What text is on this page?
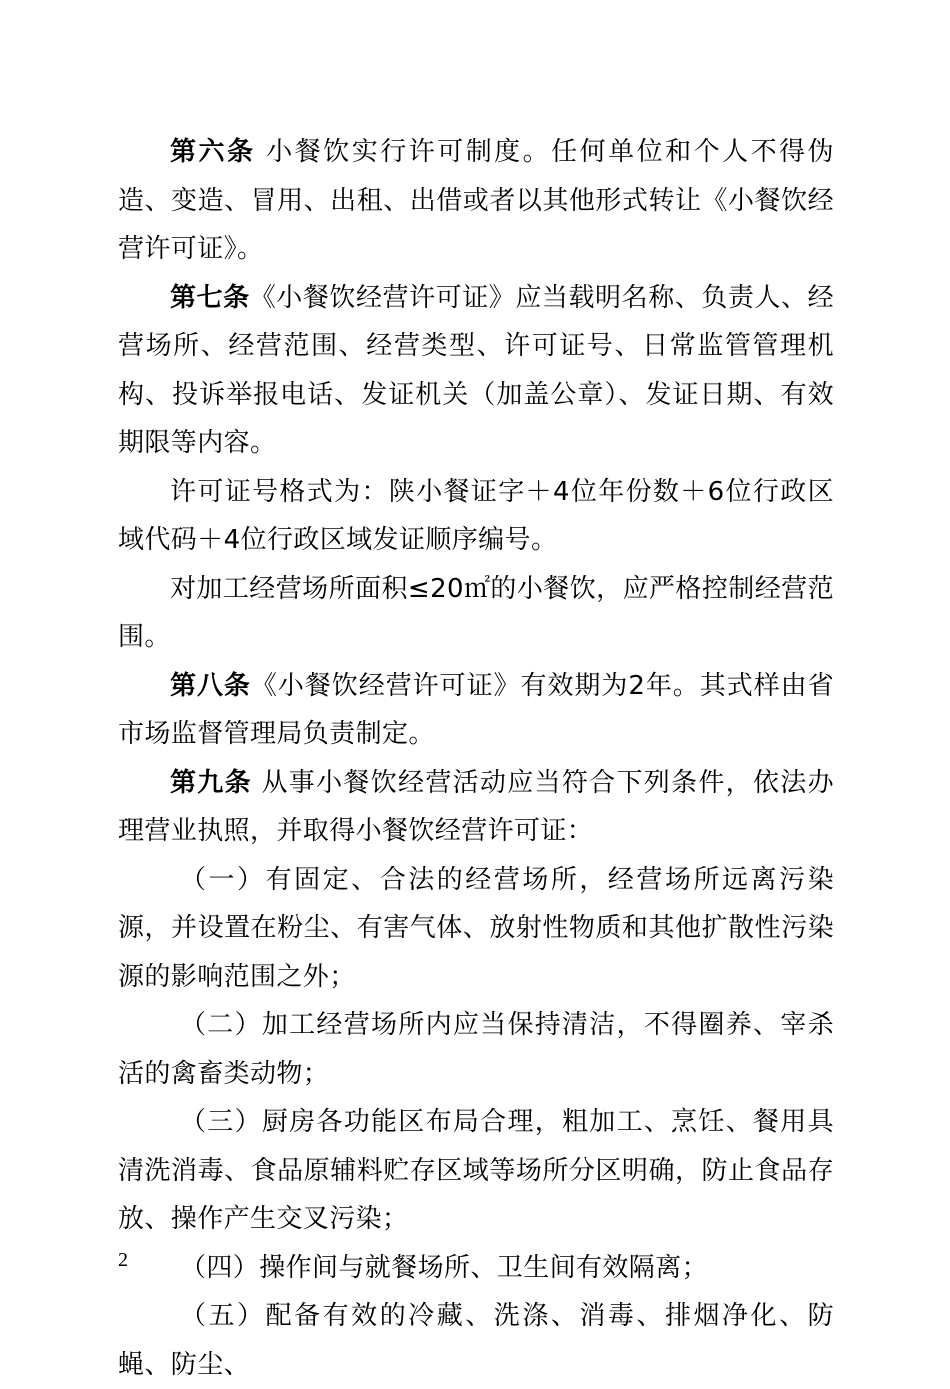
第六条 小餐饮实行许可制度。任何单位和个人不得伪造、变造、冒用、出租、出借或者以其他形式转让《小餐饮经营许可证》。

第七条《小餐饮经营许可证》应当载明名称、负责人、经营场所、经营范围、经营类型、许可证号、日常监管管理机构、投诉举报电话、发证机关（加盖公章）、发证日期、有效期限等内容。

许可证号格式为：陕小餐证字＋4位年份数＋6位行政区域代码＋4位行政区域发证顺序编号。

对加工经营场所面积≤20㎡的小餐饮，应严格控制经营范围。

第八条《小餐饮经营许可证》有效期为2年。其式样由省市场监督管理局负责制定。

第九条 从事小餐饮经营活动应当符合下列条件，依法办理营业执照，并取得小餐饮经营许可证：

（一）有固定、合法的经营场所，经营场所远离污染源，并设置在粉尘、有害气体、放射性物质和其他扩散性污染源的影响范围之外；

（二）加工经营场所内应当保持清洁，不得圈养、宰杀活的禽畜类动物；

（三）厨房各功能区布局合理，粗加工、烹饪、餐用具清洗消毒、食品原辅料贮存区域等场所分区明确，防止食品存放、操作产生交叉污染；

（四）操作间与就餐场所、卫生间有效隔离；

（五）配备有效的冷藏、洗涤、消毒、排烟净化、防蝇、防尘、

2
